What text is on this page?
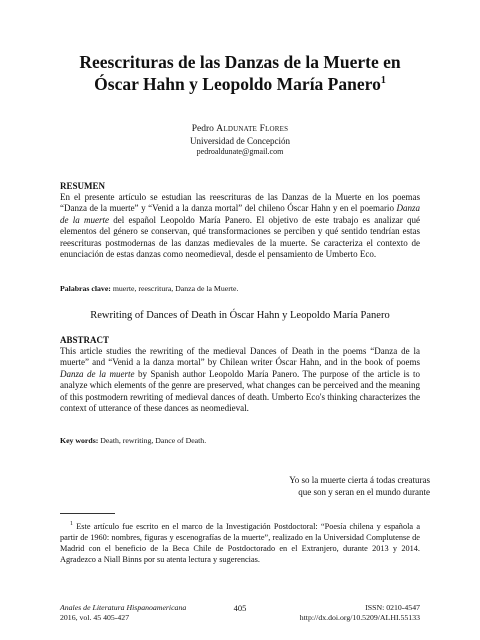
Reescrituras de las Danzas de la Muerte en
Óscar Hahn y Leopoldo María Panero$^1$
Pedro Aldunate Flores
Universidad de Concepción
pedroaldunate@gmail.com
RESUMEN
En el presente artículo se estudian las reescrituras de las Danzas de la Muerte en los poemas “Danza de la muerte” y “Venid a la danza mortal” del chileno Óscar Hahn y en el poemario Danza de la muerte del español Leopoldo María Panero. El objetivo de este trabajo es analizar qué elementos del género se conservan, qué transformaciones se perciben y qué sentido tendrían estas reescrituras postmodernas de las danzas medievales de la muerte. Se caracteriza el contexto de enunciación de estas danzas como neomedieval, desde el pensamiento de Umberto Eco.
Palabras clave: muerte, reescritura, Danza de la Muerte.
Rewriting of Dances of Death in Óscar Hahn y Leopoldo María Panero
ABSTRACT
This article studies the rewriting of the medieval Dances of Death in the poems “Danza de la muerte” and “Venid a la danza mortal” by Chilean writer Óscar Hahn, and in the book of poems Danza de la muerte by Spanish author Leopoldo María Panero. The purpose of the article is to analyze which elements of the genre are preserved, what changes can be perceived and the meaning of this postmodern rewriting of medieval dances of death. Umberto Eco's thinking characterizes the context of utterance of these dances as neomedieval.
Key words: Death, rewriting, Dance of Death.
Yo so la muerte cierta á todas creaturas
que son y seran en el mundo durante
$^1$ Este artículo fue escrito en el marco de la Investigación Postdoctoral: “Poesía chilena y española a partir de 1960: nombres, figuras y escenografías de la muerte”, realizado en la Universidad Complutense de Madrid con el beneficio de la Beca Chile de Postdoctorado en el Extranjero, durante 2013 y 2014. Agradezco a Niall Binns por su atenta lectura y sugerencias.
Anales de Literatura Hispanoamericana
2016, vol. 45 405-427
405	ISSN: 0210-4547
http://dx.doi.org/10.5209/ALHI.55133
